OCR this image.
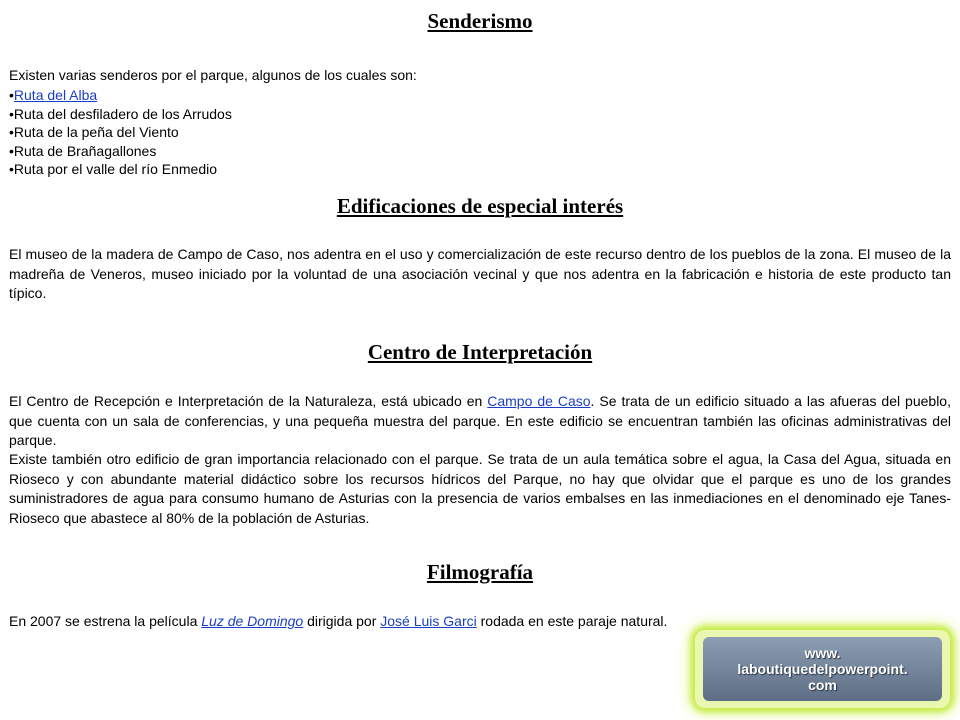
Senderismo

Existen varias senderos por el parque, algunos de los cuales son:

•Ruta del Alba
•Ruta del desfiladero de los Arrudos
•Ruta de la peña del Viento
•Ruta de Brañagallones
•Ruta por el valle del río Enmedio
Edificaciones de especial interés

El museo de la madera de Campo de Caso, nos adentra en el uso y comercialización de este recurso dentro de los pueblos de la zona. El museo de la madreña de Veneros, museo iniciado por la voluntad de una asociación vecinal y que nos adentra en la fabricación e historia de este producto tan típico.

Centro de Interpretación

El Centro de Recepción e Interpretación de la Naturaleza, está ubicado en Campo de Caso. Se trata de un edificio situado a las afueras del pueblo, que cuenta con un sala de conferencias, y una pequeña muestra del parque. En este edificio se encuentran también las oficinas administrativas del parque.

Existe también otro edificio de gran importancia relacionado con el parque. Se trata de un aula temática sobre el agua, la Casa del Agua, situada en Rioseco y con abundante material didáctico sobre los recursos hídricos del Parque, no hay que olvidar que el parque es uno de los grandes suministradores de agua para consumo humano de Asturias con la presencia de varios embalses en las inmediaciones en el denominado eje Tanes-Rioseco que abastece al 80% de la población de Asturias.

Filmografía

En 2007 se estrena la película Luz de Domingo dirigida por José Luis Garci rodada en este paraje natural.

www.
laboutiquedelpowerpoint.
com
